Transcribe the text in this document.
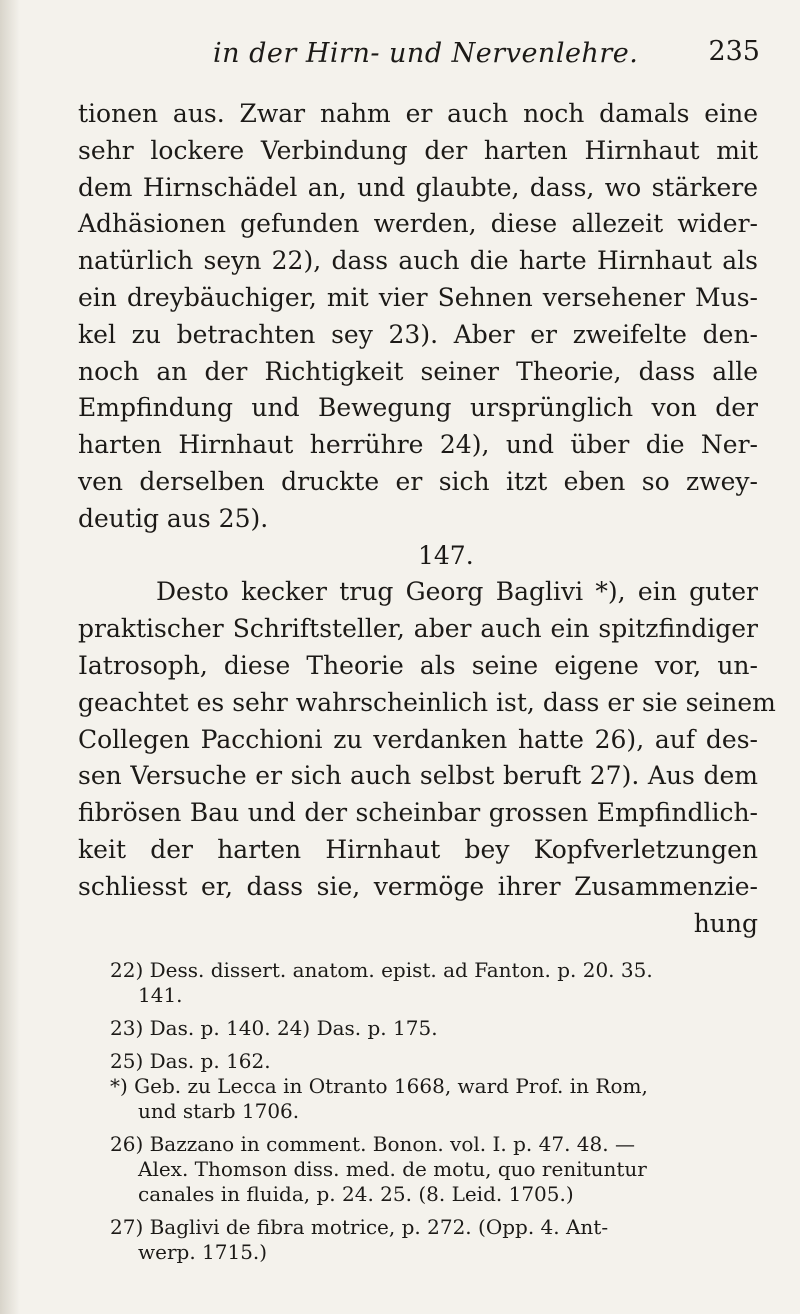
in der Hirn- und Nervenlehre.	235
tionen aus. Zwar nahm er auch noch damals eine
sehr lockere Verbindung der harten Hirnhaut mit
dem Hirnschädel an, und glaubte, dass, wo stärkere
Adhäsionen gefunden werden, diese allezeit wider-
natürlich seyn 22), dass auch die harte Hirnhaut als
ein dreybäuchiger, mit vier Sehnen versehener Mus-
kel zu betrachten sey 23). Aber er zweifelte den-
noch an der Richtigkeit seiner Theorie, dass alle
Empfindung und Bewegung ursprünglich von der
harten Hirnhaut herrühre 24), und über die Ner-
ven derselben druckte er sich itzt eben so zwey-
deutig aus 25).
147.
Desto kecker trug Georg Baglivi *), ein guter
praktischer Schriftsteller, aber auch ein spitzfindiger
Iatrosoph, diese Theorie als seine eigene vor, un-
geachtet es sehr wahrscheinlich ist, dass er sie seinem
Collegen Pacchioni zu verdanken hatte 26), auf des-
sen Versuche er sich auch selbst beruft 27). Aus dem
fibrösen Bau und der scheinbar grossen Empfindlich-
keit der harten Hirnhaut bey Kopfverletzungen
schliesst er, dass sie, vermöge ihrer Zusammenzie-
hung
22) Dess. dissert. anatom. epist. ad Fanton. p. 20. 35.
141.
23) Das. p. 140. 24) Das. p. 175.
25) Das. p. 162.
*) Geb. zu Lecca in Otranto 1668, ward Prof. in Rom,
und starb 1706.
26) Bazzano in comment. Bonon. vol. I. p. 47. 48. —
Alex. Thomson diss. med. de motu, quo renituntur
canales in fluida, p. 24. 25. (8. Leid. 1705.)
27) Baglivi de fibra motrice, p. 272. (Opp. 4. Ant-
werp. 1715.)
